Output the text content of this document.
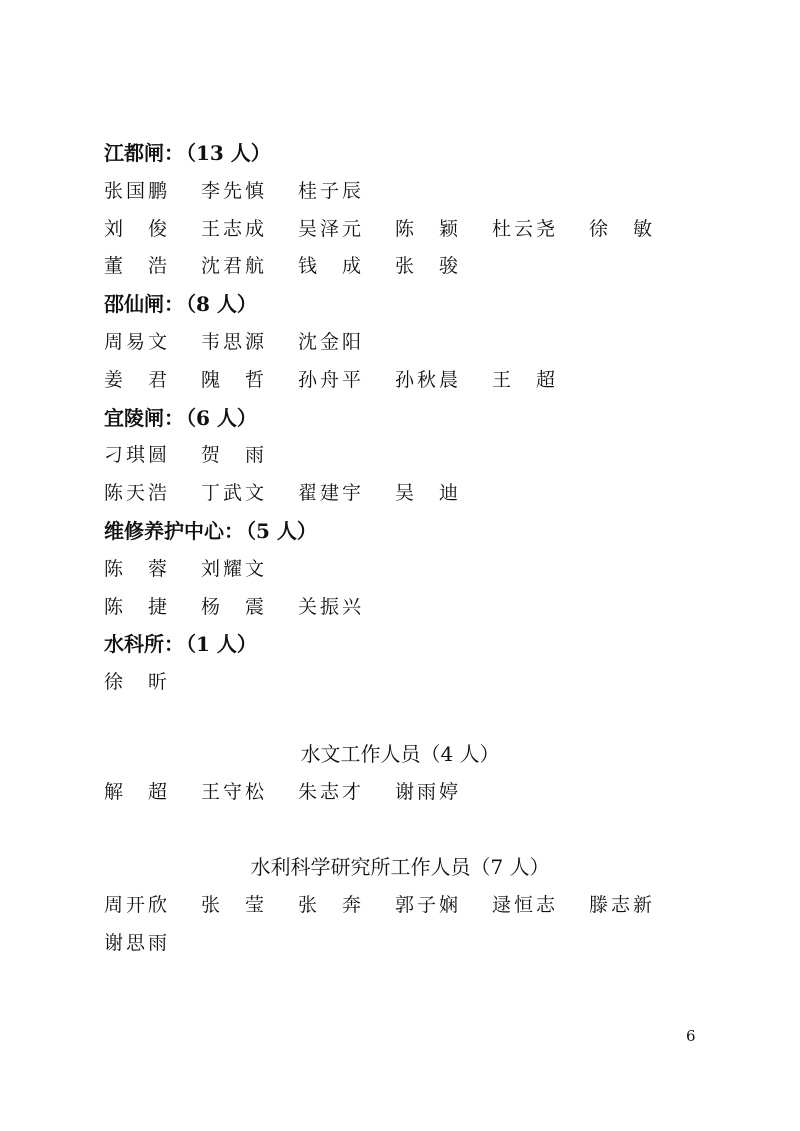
江都闸： （13 人）
张国鹏 李先慎 桂子辰
刘　俊 王志成 吴泽元 陈　颖 杜云尧 徐　敏
董　浩 沈君航 钱　成 张　骏
邵仙闸： （8 人）
周易文 韦思源 沈金阳
姜　君 隗　哲 孙舟平 孙秋晨 王　超
宜陵闸： （6 人）
刁琪圆 贺　雨
陈天浩 丁武文 翟建宇 吴　迪
维修养护中心： （5 人）
陈　蓉 刘耀文
陈　捷 杨　震 关振兴
水科所： （1 人）
徐　昕
水文工作人员（4 人）
解　超 王守松 朱志才 谢雨婷
水利科学研究所工作人员（7 人）
周开欣 张　莹 张　奔 郭子娴 逯恒志 滕志新
谢思雨
6
